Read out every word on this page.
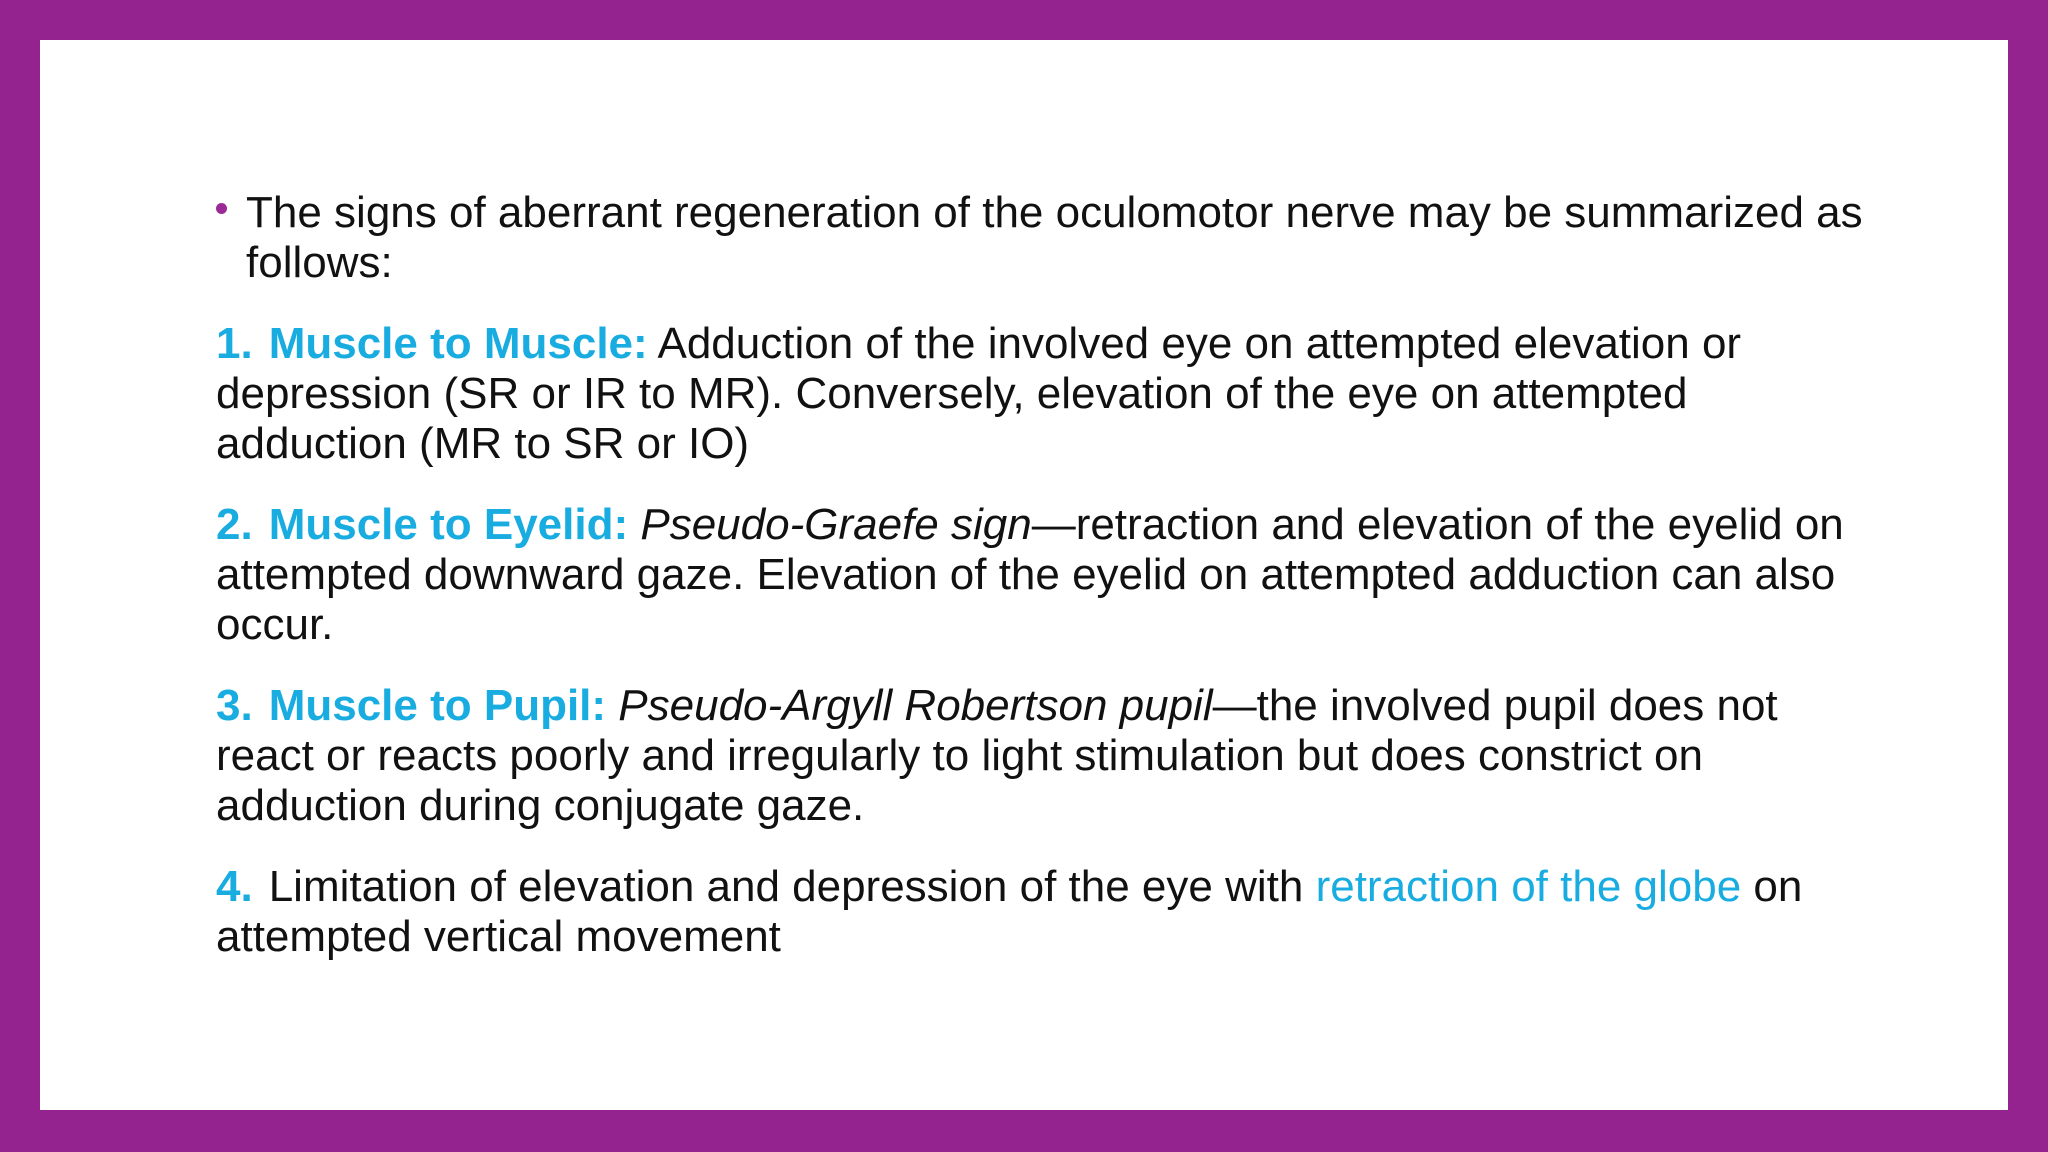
The signs of aberrant regeneration of the oculomotor nerve may be summarized as follows:

1. Muscle to Muscle: Adduction of the involved eye on attempted elevation or depression (SR or IR to MR). Conversely, elevation of the eye on attempted adduction (MR to SR or IO)

2. Muscle to Eyelid: Pseudo-Graefe sign—retraction and elevation of the eyelid on attempted downward gaze. Elevation of the eyelid on attempted adduction can also occur.

3. Muscle to Pupil: Pseudo-Argyll Robertson pupil—the involved pupil does not react or reacts poorly and irregularly to light stimulation but does constrict on adduction during conjugate gaze.

4. Limitation of elevation and depression of the eye with retraction of the globe on attempted vertical movement
